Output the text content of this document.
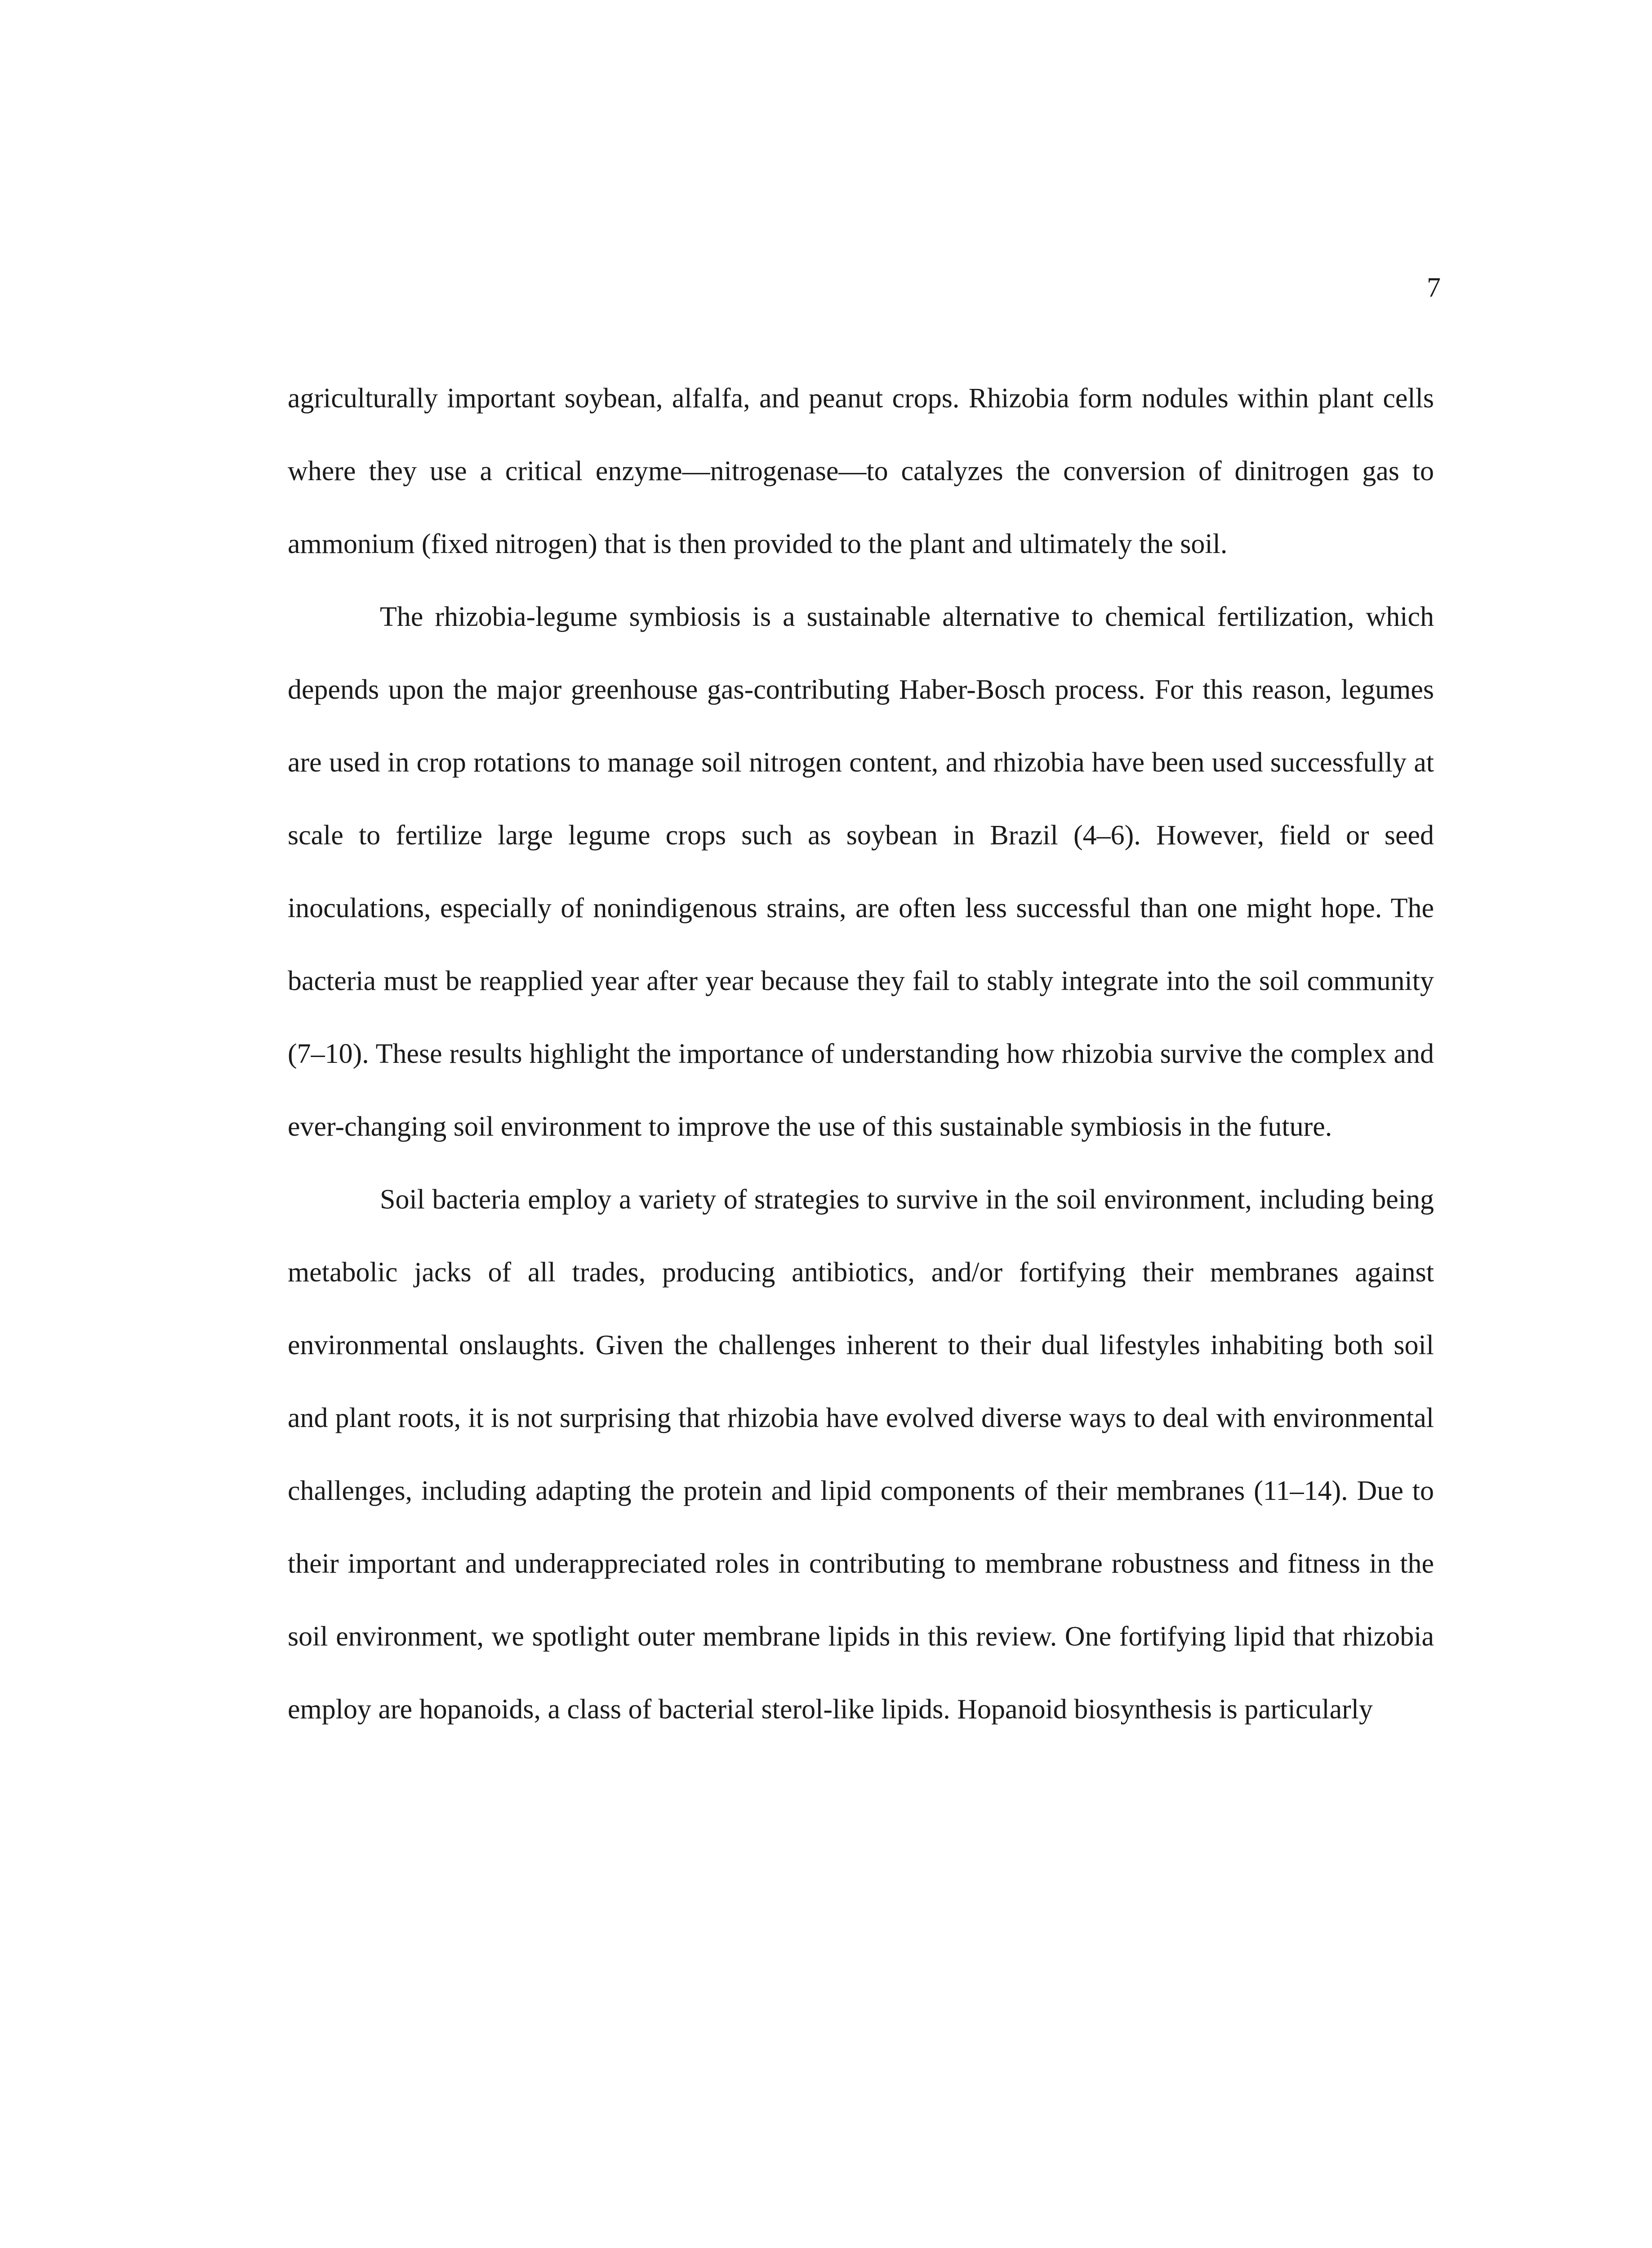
7

agriculturally important soybean, alfalfa, and peanut crops. Rhizobia form nodules within plant cells where they use a critical enzyme—nitrogenase—to catalyzes the conversion of dinitrogen gas to ammonium (fixed nitrogen) that is then provided to the plant and ultimately the soil.

The rhizobia-legume symbiosis is a sustainable alternative to chemical fertilization, which depends upon the major greenhouse gas-contributing Haber-Bosch process. For this reason, legumes are used in crop rotations to manage soil nitrogen content, and rhizobia have been used successfully at scale to fertilize large legume crops such as soybean in Brazil (4–6). However, field or seed inoculations, especially of nonindigenous strains, are often less successful than one might hope. The bacteria must be reapplied year after year because they fail to stably integrate into the soil community (7–10). These results highlight the importance of understanding how rhizobia survive the complex and ever-changing soil environment to improve the use of this sustainable symbiosis in the future.

Soil bacteria employ a variety of strategies to survive in the soil environment, including being metabolic jacks of all trades, producing antibiotics, and/or fortifying their membranes against environmental onslaughts. Given the challenges inherent to their dual lifestyles inhabiting both soil and plant roots, it is not surprising that rhizobia have evolved diverse ways to deal with environmental challenges, including adapting the protein and lipid components of their membranes (11–14). Due to their important and underappreciated roles in contributing to membrane robustness and fitness in the soil environment, we spotlight outer membrane lipids in this review. One fortifying lipid that rhizobia employ are hopanoids, a class of bacterial sterol-like lipids. Hopanoid biosynthesis is particularly
